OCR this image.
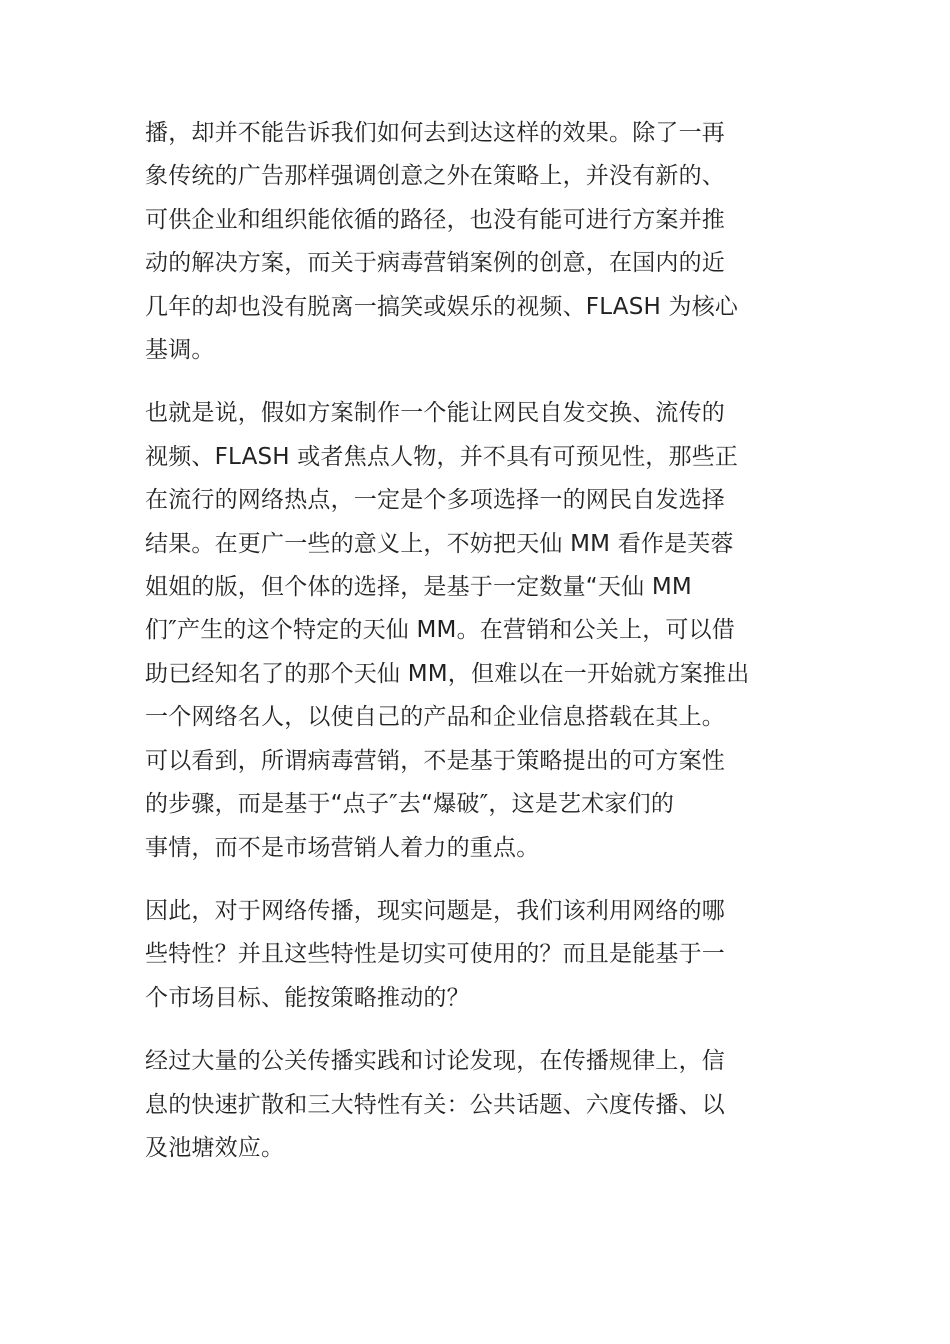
播，却并不能告诉我们如何去到达这样的效果。除了一再
象传统的广告那样强调创意之外在策略上，并没有新的、
可供企业和组织能依循的路径，也没有能可进行方案并推
动的解决方案，而关于病毒营销案例的创意，在国内的近
几年的却也没有脱离一搞笑或娱乐的视频、FLASH 为核心
基调。

也就是说，假如方案制作一个能让网民自发交换、流传的
视频、FLASH 或者焦点人物，并不具有可预见性，那些正
在流行的网络热点，一定是个多项选择一的网民自发选择
结果。在更广一些的意义上，不妨把天仙 MM 看作是芙蓉
姐姐的版，但个体的选择，是基于一定数量“天仙 MM
们″产生的这个特定的天仙 MM。在营销和公关上，可以借
助已经知名了的那个天仙 MM，但难以在一开始就方案推出
一个网络名人，以使自己的产品和企业信息搭载在其上。
可以看到，所谓病毒营销，不是基于策略提出的可方案性
的步骤，而是基于“点子″去“爆破″，这是艺术家们的
事情，而不是市场营销人着力的重点。

因此，对于网络传播，现实问题是，我们该利用网络的哪
些特性？并且这些特性是切实可使用的？而且是能基于一
个市场目标、能按策略推动的？

经过大量的公关传播实践和讨论发现，在传播规律上，信
息的快速扩散和三大特性有关：公共话题、六度传播、以
及池塘效应。
